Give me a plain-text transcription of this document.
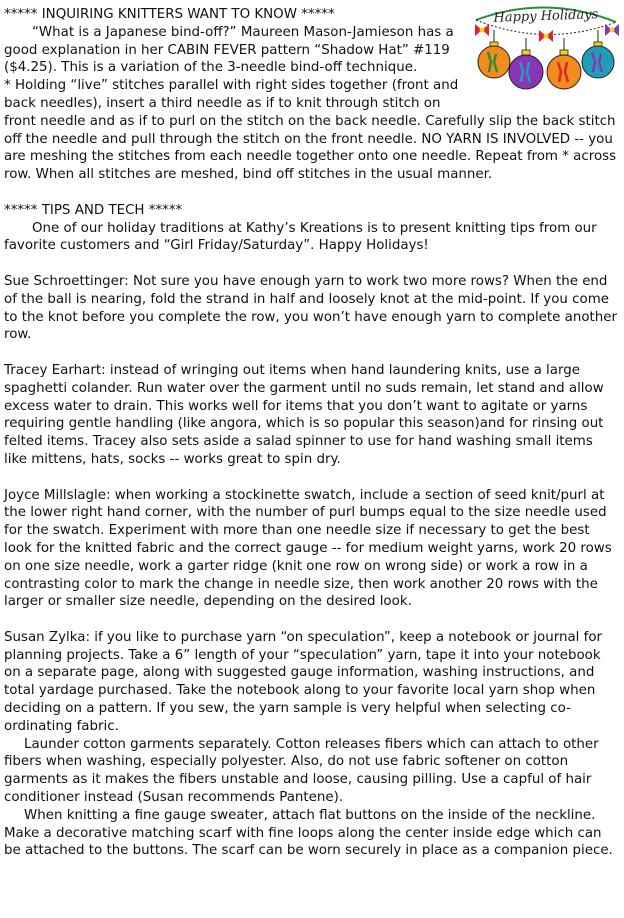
Happy Holidays

***** INQUIRING KNITTERS WANT TO KNOW *****

“What is a Japanese bind-off?” Maureen Mason-Jamieson has a good explanation in her CABIN FEVER pattern “Shadow Hat” #119 ($4.25). This is a variation of the 3-needle bind-off technique.

* Holding “live” stitches parallel with right sides together (front and back needles), insert a third needle as if to knit through stitch on front needle and as if to purl on the stitch on the back needle. Carefully slip the back stitch off the needle and pull through the stitch on the front needle. NO YARN IS INVOLVED -- you are meshing the stitches from each needle together onto one needle. Repeat from * across row. When all stitches are meshed, bind off stitches in the usual manner.

***** TIPS AND TECH *****

One of our holiday traditions at Kathy’s Kreations is to present knitting tips from our favorite customers and “Girl Friday/Saturday”. Happy Holidays!

Sue Schroettinger: Not sure you have enough yarn to work two more rows? When the end of the ball is nearing, fold the strand in half and loosely knot at the mid-point. If you come to the knot before you complete the row, you won’t have enough yarn to complete another row.

Tracey Earhart: instead of wringing out items when hand laundering knits, use a large spaghetti colander. Run water over the garment until no suds remain, let stand and allow excess water to drain. This works well for items that you don’t want to agitate or yarns requiring gentle handling (like angora, which is so popular this season)and for rinsing out felted items. Tracey also sets aside a salad spinner to use for hand washing small items like mittens, hats, socks -- works great to spin dry.

Joyce Millslagle: when working a stockinette swatch, include a section of seed knit/purl at the lower right hand corner, with the number of purl bumps equal to the size needle used for the swatch. Experiment with more than one needle size if necessary to get the best look for the knitted fabric and the correct gauge -- for medium weight yarns, work 20 rows on one size needle, work a garter ridge (knit one row on wrong side) or work a row in a contrasting color to mark the change in needle size, then work another 20 rows with the larger or smaller size needle, depending on the desired look.

Susan Zylka: if you like to purchase yarn “on speculation”, keep a notebook or journal for planning projects. Take a 6” length of your “speculation” yarn, tape it into your notebook on a separate page, along with suggested gauge information, washing instructions, and total yardage purchased. Take the notebook along to your favorite local yarn shop when deciding on a pattern. If you sew, the yarn sample is very helpful when selecting co-ordinating fabric.

Launder cotton garments separately. Cotton releases fibers which can attach to other fibers when washing, especially polyester. Also, do not use fabric softener on cotton garments as it makes the fibers unstable and loose, causing pilling. Use a capful of hair conditioner instead (Susan recommends Pantene).

When knitting a fine gauge sweater, attach flat buttons on the inside of the neckline. Make a decorative matching scarf with fine loops along the center inside edge which can be attached to the buttons. The scarf can be worn securely in place as a companion piece.
